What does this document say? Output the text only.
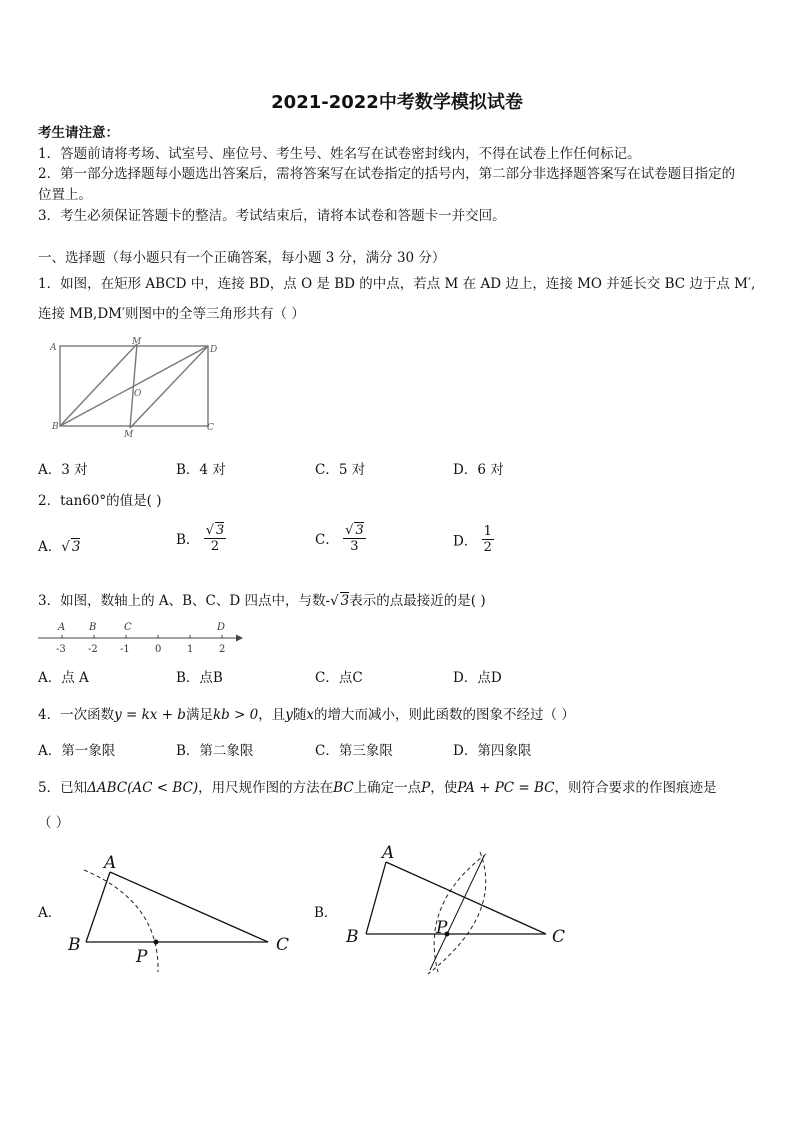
2021-2022中考数学模拟试卷
考生请注意：
1．答题前请将考场、试室号、座位号、考生号、姓名写在试卷密封线内，不得在试卷上作任何标记。
2．第一部分选择题每小题选出答案后，需将答案写在试卷指定的括号内，第二部分非选择题答案写在试卷题目指定的
位置上。
3．考生必须保证答题卡的整洁。考试结束后，请将本试卷和答题卡一并交回。
一、选择题（每小题只有一个正确答案，每小题 3 分，满分 30 分）
1．如图，在矩形 ABCD 中，连接 BD，点 O 是 BD 的中点，若点 M 在 AD 边上，连接 MO 并延长交 BC 边于点 M′,
连接 MB,DM′则图中的全等三角形共有（ ）
A
M
D
O
B
M
C
A．3 对	B．4 对	C．5 对	D．6 对
2．tan60°的值是( )
A．√ 3	B． $\frac{√ 3}{2}$	C． $\frac{√ 3}{3}$	D． $\frac{1}{2}$
3．如图，数轴上的 A、B、C、D 四点中，与数-√ 3表示的点最接近的是( )
A B	C	D
-3 -2 -1	0	1	2
A．点 A	B．点B	C．点C	D．点D
4．一次函数y = kx + b满足kb > 0，且y随x的增大而减小，则此函数的图象不经过（ ）
A．第一象限	B．第二象限	C．第三象限	D．第四象限
5．已知ΔABC(AC < BC)，用尺规作图的方法在BC上确定一点P，使PA + PC = BC，则符合要求的作图痕迹是
（ ）
A．
A
B	C
P
B．
A
B	C
P
